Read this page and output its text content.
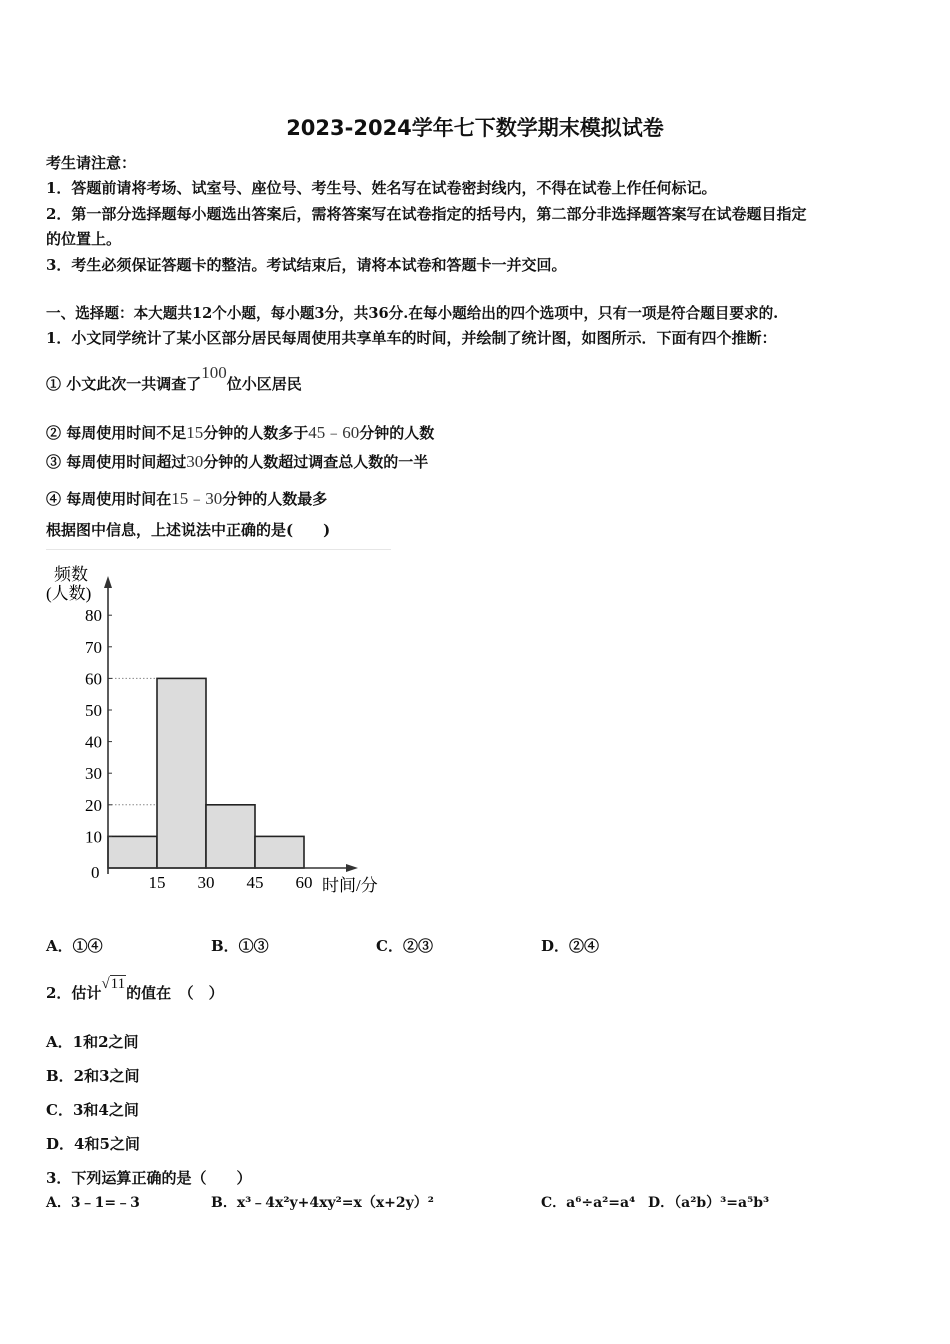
2023-2024学年七下数学期末模拟试卷
考生请注意：
1．答题前请将考场、试室号、座位号、考生号、姓名写在试卷密封线内，不得在试卷上作任何标记。
2．第一部分选择题每小题选出答案后，需将答案写在试卷指定的括号内，第二部分非选择题答案写在试卷题目指定
的位置上。
3．考生必须保证答题卡的整洁。考试结束后，请将本试卷和答题卡一并交回。
一、选择题：本大题共12个小题，每小题3分，共36分.在每小题给出的四个选项中，只有一项是符合题目要求的.
1．小文同学统计了某小区部分居民每周使用共享单车的时间，并绘制了统计图，如图所示．下面有四个推断：
① 小文此次一共调查了100位小区居民
② 每周使用时间不足15分钟的人数多于45﹣60分钟的人数
③ 每周使用时间超过30分钟的人数超过调查总人数的一半
④ 每周使用时间在15﹣30分钟的人数最多
根据图中信息，上述说法中正确的是(　　)
频数
(人数)
10
20
30
40
50
60
70
80
15 30 45 60
0
时间/分
A．①④	B．①③	C．②③	D．②④
2．估计√11的值在　（　）
A．1和2之间
B．2和3之间
C．3和4之间
D．4和5之间
3．下列运算正确的是（　　）
A．3﹣1=﹣3	B．x³﹣4x²y+4xy²=x（x+2y）²	C．a⁶÷a²=a⁴ D．（a²b）³=a⁵b³
